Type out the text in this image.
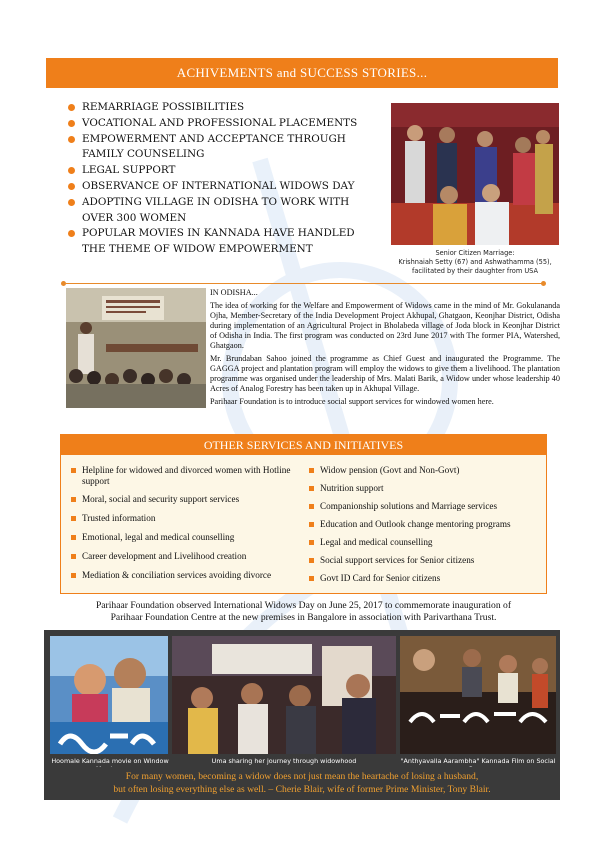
ACHIVEMENTS and SUCCESS STORIES...
REMARRIAGE POSSIBILITIES
VOCATIONAL AND PROFESSIONAL PLACEMENTS
EMPOWERMENT AND ACCEPTANCE THROUGH FAMILY COUNSELING
LEGAL SUPPORT
OBSERVANCE OF INTERNATIONAL WIDOWS DAY
ADOPTING VILLAGE IN ODISHA TO WORK WITH OVER 300 WOMEN
POPULAR MOVIES IN KANNADA HAVE HANDLED THE THEME OF WIDOW EMPOWERMENT	Senior Citizen Marriage:
Krishnaiah Setty (67) and Ashwathamma (55),
facilitated by their daughter from USA
IN ODISHA...

The idea of working for the Welfare and Empowerment of Widows came in the mind of Mr. Gokulananda Ojha, Member-Secretary of the India Development Project Akhupal, Ghatgaon, Keonjhar District, Odisha during implementation of an Agricultural Project in Bholabeda village of Joda block in Keonjhar District of Odisha in India. The first program was conducted on 23rd June 2017 with The former PIA, Watershed, Ghatgaon.

Mr. Brundaban Sahoo joined the programme as Chief Guest and inaugurated the Programme. The GAGGA project and plantation program will employ the widows to give them a livelihood. The plantation programme was organised under the leadership of Mrs. Malati Barik, a Widow under whose leadership 40 Acres of Analog Forestry has been taken up in Akhupal Village.

Parihaar Foundation is to introduce social support services for windowed women here.

OTHER SERVICES AND INITIATIVES
Helpline for widowed and divorced women with Hotline support
Moral, social and security support services
Trusted information
Emotional, legal and medical counselling
Career development and Livelihood creation
Mediation & conciliation services avoiding divorce
Widow pension (Govt and Non-Govt)
Nutrition support
Companionship solutions and Marriage services
Education and Outlook change mentoring programs
Legal and medical counselling
Social support services for Senior citizens
Govt ID Card for Senior citizens
Parihaar Foundation observed International Widows Day on June 25, 2017 to commemorate inauguration of
Parihaar Foundation Centre at the new premises in Bangalore in association with Parivarthana Trust.
Hoomale Kannada movie on Window	Uma sharing her journey through widowhood	"Anthyavalla Aarambha" Kannada Film on Social
For many women, becoming a widow does not just mean the heartache of losing a husband,
but often losing everything else as well. – Cherie Blair, wife of former Prime Minister, Tony Blair.
